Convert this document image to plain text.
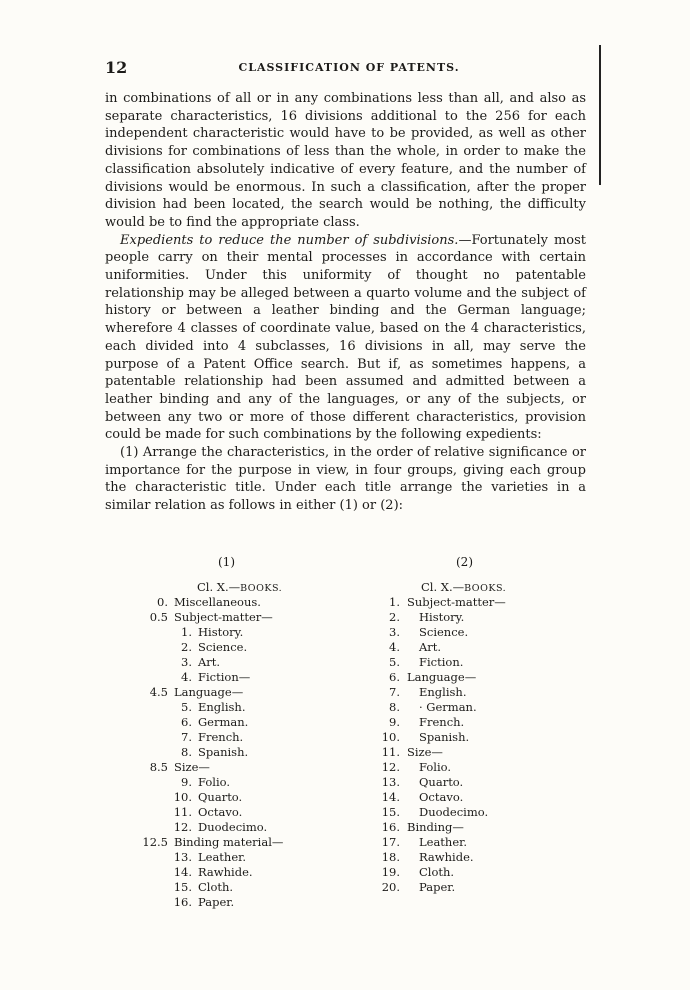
12	CLASSIFICATION OF PATENTS.

in combinations of all or in any combinations less than all, and also as separate characteristics, 16 divisions additional to the 256 for each independent characteristic would have to be provided, as well as other divisions for combinations of less than the whole, in order to make the classification absolutely indicative of every feature, and the number of divisions would be enormous. In such a classification, after the proper division had been located, the search would be nothing, the difficulty would be to find the appropriate class.

Expedients to reduce the number of subdivisions.—Fortunately most people carry on their mental processes in accordance with certain uniformities. Under this uniformity of thought no patentable relationship may be alleged between a quarto volume and the subject of history or between a leather binding and the German language; wherefore 4 classes of coordinate value, based on the 4 characteristics, each divided into 4 subclasses, 16 divisions in all, may serve the purpose of a Patent Office search. But if, as sometimes happens, a patentable relationship had been assumed and admitted between a leather binding and any of the languages, or any of the subjects, or between any two or more of those different characteristics, provision could be made for such combinations by the following expedients:

(1) Arrange the characteristics, in the order of relative significance or importance for the purpose in view, in four groups, giving each group the characteristic title. Under each title arrange the varieties in a similar relation as follows in either (1) or (2):

(1)
Cl. X.—BOOKS.
0. Miscellaneous.
0.5 Subject-matter—
1. History.
2. Science.
3. Art.
4. Fiction—
4.5 Language—
5. English.
6. German.
7. French.
8. Spanish.
8.5 Size—
9. Folio.
10. Quarto.
11. Octavo.
12. Duodecimo.
12.5 Binding material—
13. Leather.
14. Rawhide.
15. Cloth.
16. Paper.
(2)
Cl. X.—BOOKS.
1. Subject-matter—
2. History.
3. Science.
4. Art.
5. Fiction.
6. Language—
7. English.
8. · German.
9. French.
10. Spanish.
11. Size—
12. Folio.
13. Quarto.
14. Octavo.
15. Duodecimo.
16. Binding—
17. Leather.
18. Rawhide.
19. Cloth.
20. Paper.
